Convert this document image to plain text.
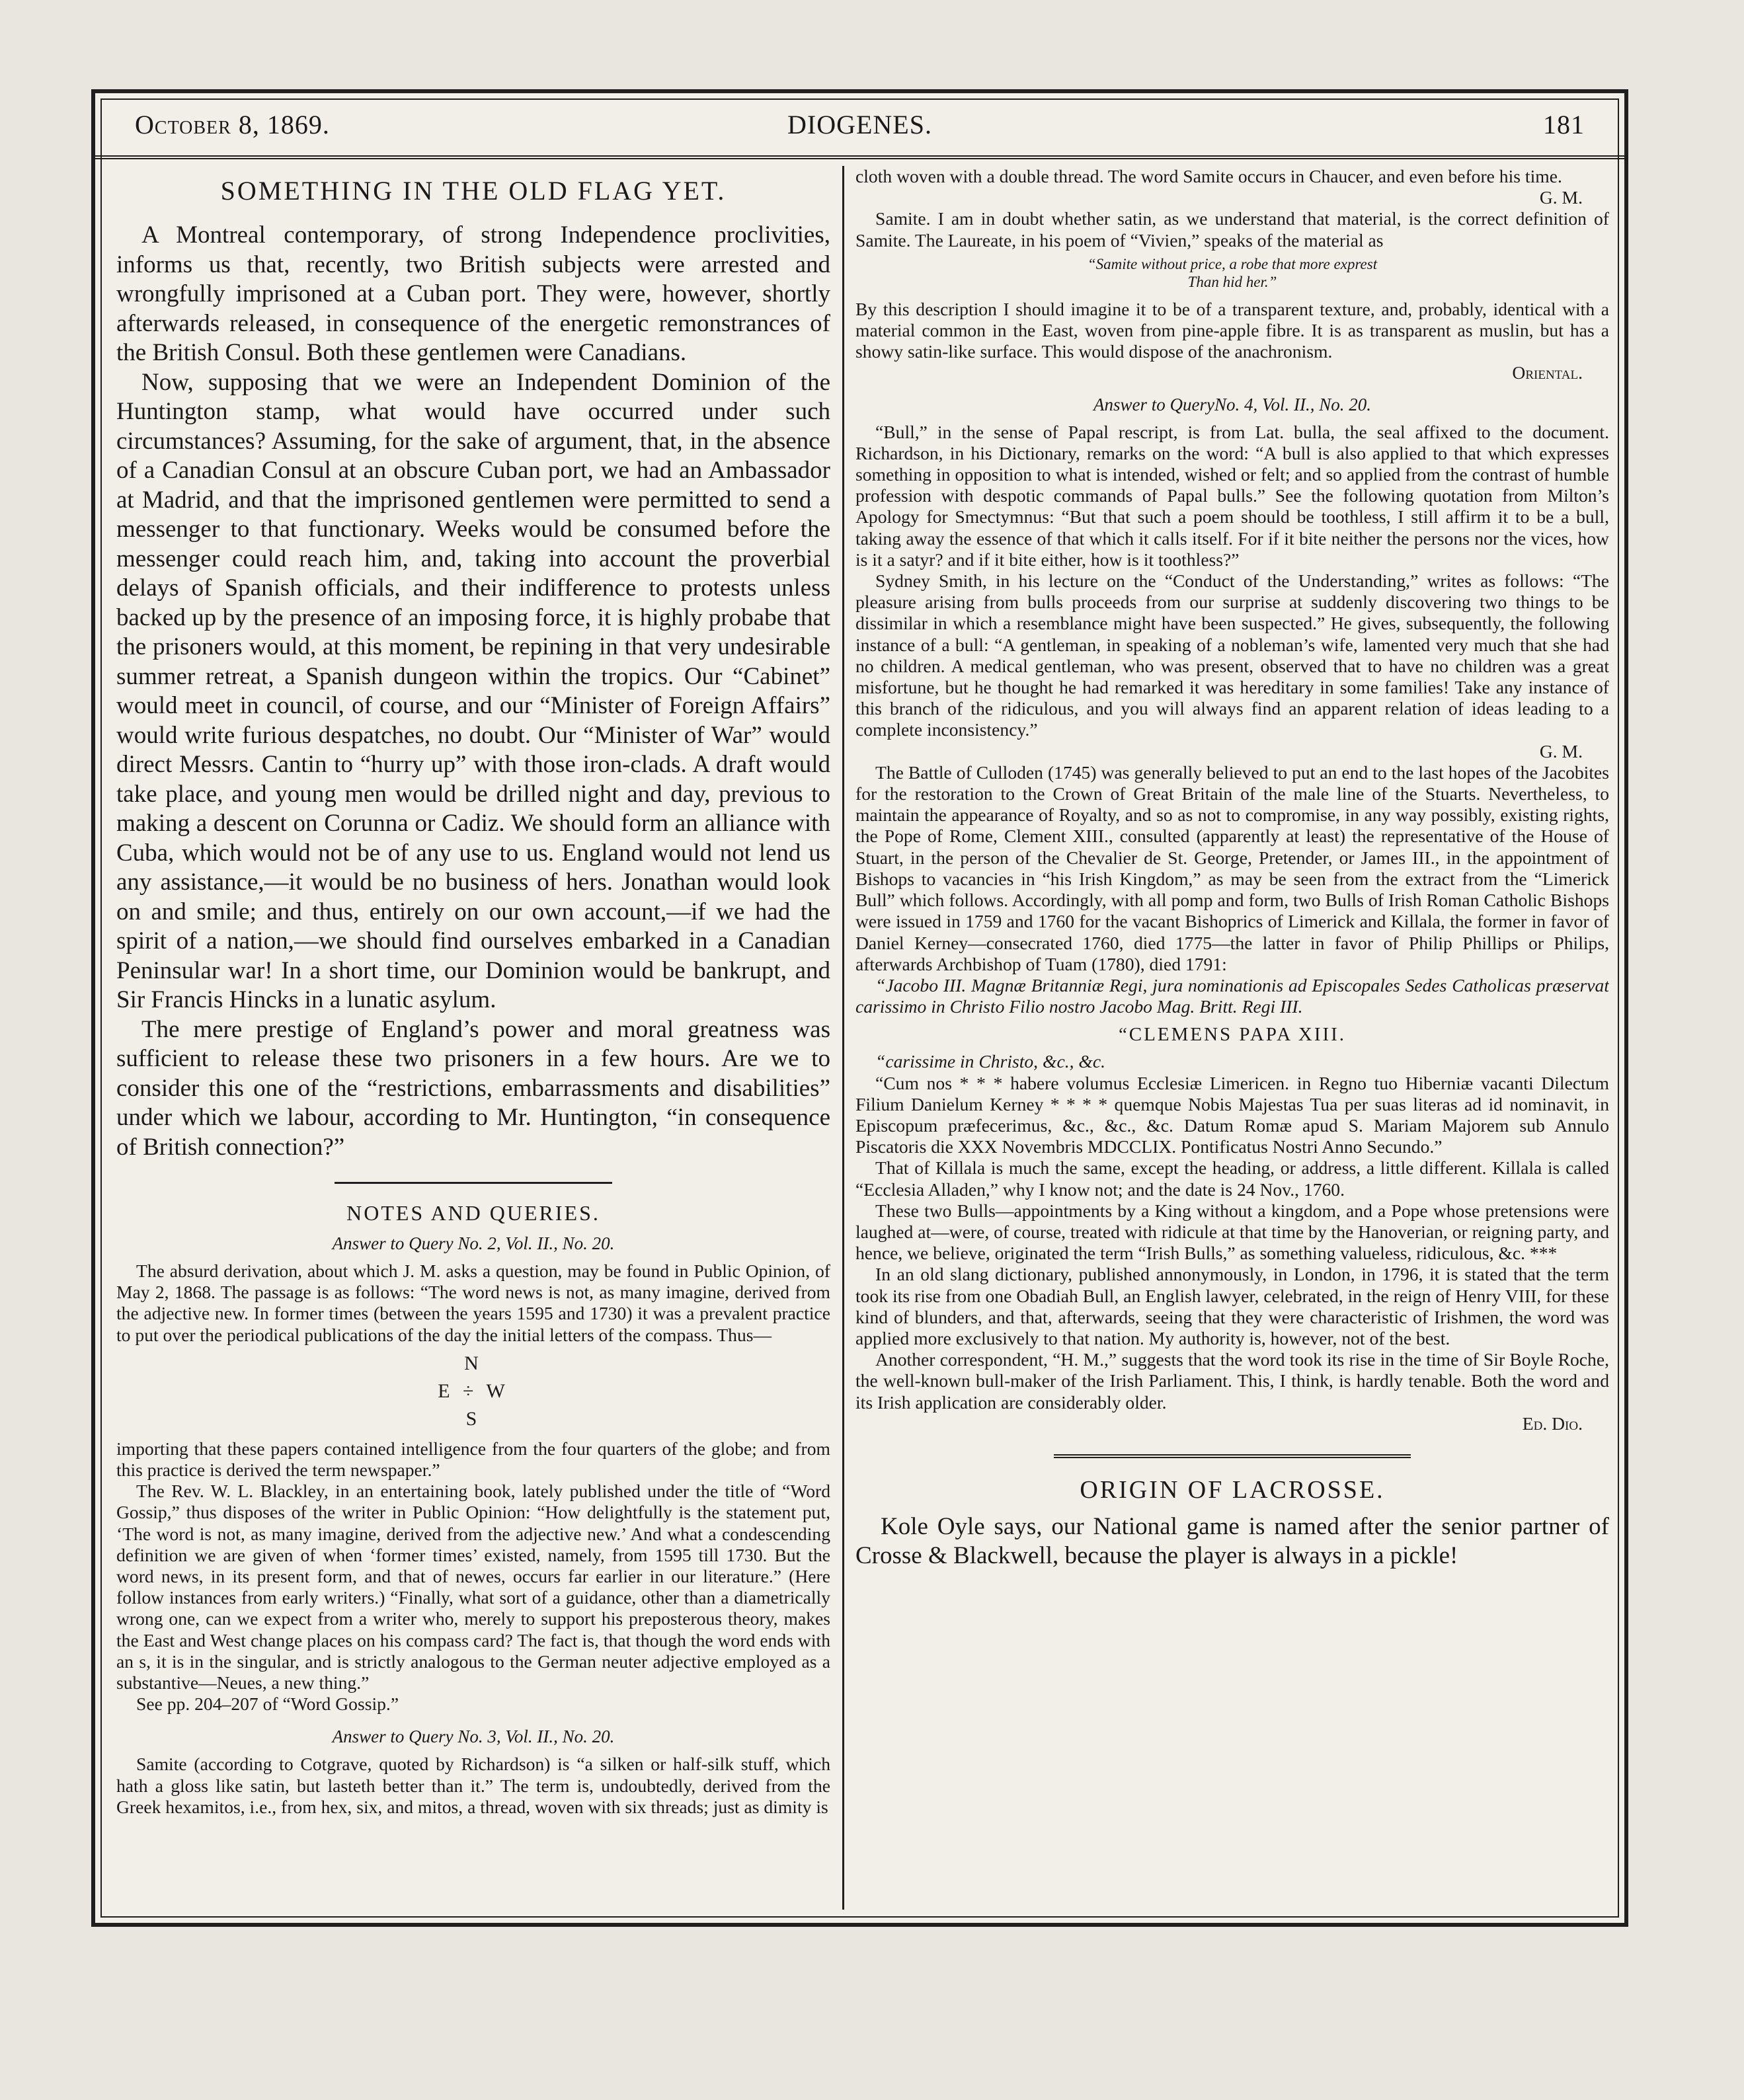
October 8, 1869.	DIOGENES.	181
SOMETHING IN THE OLD FLAG YET.

A Montreal contemporary, of strong Independence proclivities, informs us that, recently, two British subjects were arrested and wrongfully imprisoned at a Cuban port. They were, however, shortly afterwards released, in consequence of the energetic remonstrances of the British Consul. Both these gentlemen were Canadians.

Now, supposing that we were an Independent Dominion of the Huntington stamp, what would have occurred under such circumstances? Assuming, for the sake of argument, that, in the absence of a Canadian Consul at an obscure Cuban port, we had an Ambassador at Madrid, and that the imprisoned gentlemen were permitted to send a messenger to that functionary. Weeks would be consumed before the messenger could reach him, and, taking into account the proverbial delays of Spanish officials, and their indifference to protests unless backed up by the presence of an imposing force, it is highly probabe that the prisoners would, at this moment, be repining in that very undesirable summer retreat, a Spanish dungeon within the tropics. Our “Cabinet” would meet in council, of course, and our “Minister of Foreign Affairs” would write furious despatches, no doubt. Our “Minister of War” would direct Messrs. Cantin to “hurry up” with those iron-clads. A draft would take place, and young men would be drilled night and day, previous to making a descent on Corunna or Cadiz. We should form an alliance with Cuba, which would not be of any use to us. England would not lend us any assistance,—it would be no business of hers. Jonathan would look on and smile; and thus, entirely on our own account,—if we had the spirit of a nation,—we should find ourselves embarked in a Canadian Peninsular war! In a short time, our Dominion would be bankrupt, and Sir Francis Hincks in a lunatic asylum.

The mere prestige of England’s power and moral greatness was sufficient to release these two prisoners in a few hours. Are we to consider this one of the “restrictions, embarrassments and disabilities” under which we labour, according to Mr. Huntington, “in consequence of British connection?”

NOTES AND QUERIES.
Answer to Query No. 2, Vol. II., No. 20.

The absurd derivation, about which J. M. asks a question, may be found in Public Opinion, of May 2, 1868. The passage is as follows: “The word news is not, as many imagine, derived from the adjective new. In former times (between the years 1595 and 1730) it was a prevalent practice to put over the periodical publications of the day the initial letters of the compass. Thus—

N
E ÷ W
S

importing that these papers contained intelligence from the four quarters of the globe; and from this practice is derived the term newspaper.”

The Rev. W. L. Blackley, in an entertaining book, lately published under the title of “Word Gossip,” thus disposes of the writer in Public Opinion: “How delightfully is the statement put, ‘The word is not, as many imagine, derived from the adjective new.’ And what a condescending definition we are given of when ‘former times’ existed, namely, from 1595 till 1730. But the word news, in its present form, and that of newes, occurs far earlier in our literature.” (Here follow instances from early writers.) “Finally, what sort of a guidance, other than a diametrically wrong one, can we expect from a writer who, merely to support his preposterous theory, makes the East and West change places on his compass card? The fact is, that though the word ends with an s, it is in the singular, and is strictly analogous to the German neuter adjective employed as a substantive—Neues, a new thing.”

See pp. 204–207 of “Word Gossip.”

Answer to Query No. 3, Vol. II., No. 20.

Samite (according to Cotgrave, quoted by Richardson) is “a silken or half-silk stuff, which hath a gloss like satin, but lasteth better than it.” The term is, undoubtedly, derived from the Greek hexamitos, i.e., from hex, six, and mitos, a thread, woven with six threads; just as dimity is

cloth woven with a double thread. The word Samite occurs in Chaucer, and even before his time.

G. M.

Samite. I am in doubt whether satin, as we understand that material, is the correct definition of Samite. The Laureate, in his poem of “Vivien,” speaks of the material as

“Samite without price, a robe that more exprest
Than hid her.”

By this description I should imagine it to be of a transparent texture, and, probably, identical with a material common in the East, woven from pine-apple fibre. It is as transparent as muslin, but has a showy satin-like surface. This would dispose of the anachronism.

Oriental.

Answer to QueryNo. 4, Vol. II., No. 20.

“Bull,” in the sense of Papal rescript, is from Lat. bulla, the seal affixed to the document. Richardson, in his Dictionary, remarks on the word: “A bull is also applied to that which expresses something in opposition to what is intended, wished or felt; and so applied from the contrast of humble profession with despotic commands of Papal bulls.” See the following quotation from Milton’s Apology for Smectymnus: “But that such a poem should be toothless, I still affirm it to be a bull, taking away the essence of that which it calls itself. For if it bite neither the persons nor the vices, how is it a satyr? and if it bite either, how is it toothless?”

Sydney Smith, in his lecture on the “Conduct of the Understanding,” writes as follows: “The pleasure arising from bulls proceeds from our surprise at suddenly discovering two things to be dissimilar in which a resemblance might have been suspected.” He gives, subsequently, the following instance of a bull: “A gentleman, in speaking of a nobleman’s wife, lamented very much that she had no children. A medical gentleman, who was present, observed that to have no children was a great misfortune, but he thought he had remarked it was hereditary in some families! Take any instance of this branch of the ridiculous, and you will always find an apparent relation of ideas leading to a complete inconsistency.”

G. M.

The Battle of Culloden (1745) was generally believed to put an end to the last hopes of the Jacobites for the restoration to the Crown of Great Britain of the male line of the Stuarts. Nevertheless, to maintain the appearance of Royalty, and so as not to compromise, in any way possibly, existing rights, the Pope of Rome, Clement XIII., consulted (apparently at least) the representative of the House of Stuart, in the person of the Chevalier de St. George, Pretender, or James III., in the appointment of Bishops to vacancies in “his Irish Kingdom,” as may be seen from the extract from the “Limerick Bull” which follows. Accordingly, with all pomp and form, two Bulls of Irish Roman Catholic Bishops were issued in 1759 and 1760 for the vacant Bishoprics of Limerick and Killala, the former in favor of Daniel Kerney—consecrated 1760, died 1775—the latter in favor of Philip Phillips or Philips, afterwards Archbishop of Tuam (1780), died 1791:

“Jacobo III. Magnæ Britanniæ Regi, jura nominationis ad Episcopales Sedes Catholicas præservat carissimo in Christo Filio nostro Jacobo Mag. Britt. Regi III.

“CLEMENS PAPA XIII.

“carissime in Christo, &c., &c.

“Cum nos * * * habere volumus Ecclesiæ Limericen. in Regno tuo Hiberniæ vacanti Dilectum Filium Danielum Kerney * * * * quemque Nobis Majestas Tua per suas literas ad id nominavit, in Episcopum præfecerimus, &c., &c., &c. Datum Romæ apud S. Mariam Majorem sub Annulo Piscatoris die XXX Novembris MDCCLIX. Pontificatus Nostri Anno Secundo.”

That of Killala is much the same, except the heading, or address, a little different. Killala is called “Ecclesia Alladen,” why I know not; and the date is 24 Nov., 1760.

These two Bulls—appointments by a King without a kingdom, and a Pope whose pretensions were laughed at—were, of course, treated with ridicule at that time by the Hanoverian, or reigning party, and hence, we believe, originated the term “Irish Bulls,” as something valueless, ridiculous, &c. ***

In an old slang dictionary, published annonymously, in London, in 1796, it is stated that the term took its rise from one Obadiah Bull, an English lawyer, celebrated, in the reign of Henry VIII, for these kind of blunders, and that, afterwards, seeing that they were characteristic of Irishmen, the word was applied more exclusively to that nation. My authority is, however, not of the best.

Another correspondent, “H. M.,” suggests that the word took its rise in the time of Sir Boyle Roche, the well-known bull-maker of the Irish Parliament. This, I think, is hardly tenable. Both the word and its Irish application are considerably older.

Ed. Dio.

ORIGIN OF LACROSSE.

Kole Oyle says, our National game is named after the senior partner of Crosse & Blackwell, because the player is always in a pickle!
